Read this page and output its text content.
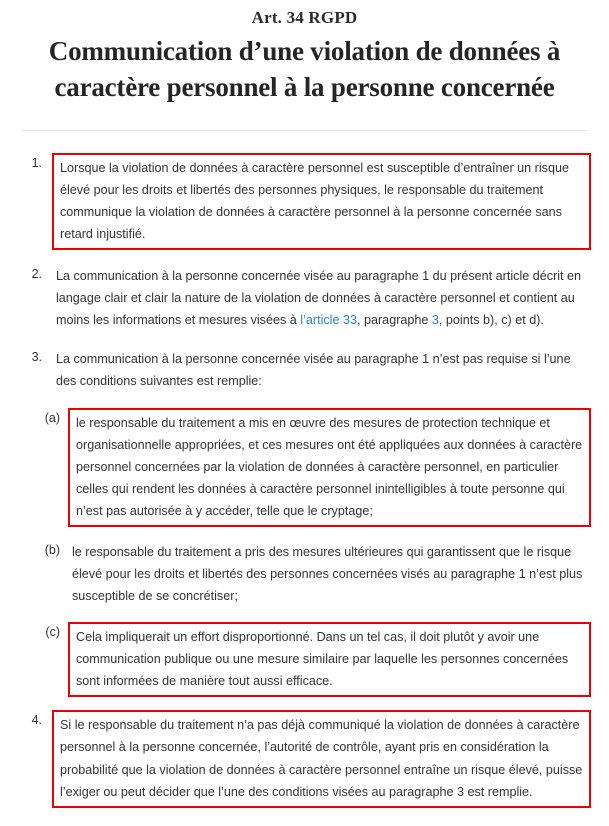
Art. 34 RGPD
Communication d’une violation de données à caractère personnel à la personne concernée
1.	Lorsque la violation de données à caractère personnel est susceptible d’entraîner un risque élevé pour les droits et libertés des personnes physiques, le responsable du traitement communique la violation de données à caractère personnel à la personne concernée sans retard injustifié.
2.	La communication à la personne concernée visée au paragraphe 1 du présent article décrit en langage clair et clair la nature de la violation de données à caractère personnel et contient au moins les informations et mesures visées à l’article 33, paragraphe 3, points b), c) et d).
3.	La communication à la personne concernée visée au paragraphe 1 n’est pas requise si l’une des conditions suivantes est remplie:
(a)	le responsable du traitement a mis en œuvre des mesures de protection technique et organisationnelle appropriées, et ces mesures ont été appliquées aux données à caractère personnel concernées par la violation de données à caractère personnel, en particulier celles qui rendent les données à caractère personnel inintelligibles à toute personne qui n’est pas autorisée à y accéder, telle que le cryptage;
(b) le responsable du traitement a pris des mesures ultérieures qui garantissent que le risque élevé pour les droits et libertés des personnes concernées visés au paragraphe 1 n’est plus susceptible de se concrétiser;
(c)	Cela impliquerait un effort disproportionné. Dans un tel cas, il doit plutôt y avoir une communication publique ou une mesure similaire par laquelle les personnes concernées sont informées de manière tout aussi efficace.
4.	Si le responsable du traitement n’a pas déjà communiqué la violation de données à caractère personnel à la personne concernée, l’autorité de contrôle, ayant pris en considération la probabilité que la violation de données à caractère personnel entraîne un risque élevé, puisse l’exiger ou peut décider que l’une des conditions visées au paragraphe 3 est remplie.
